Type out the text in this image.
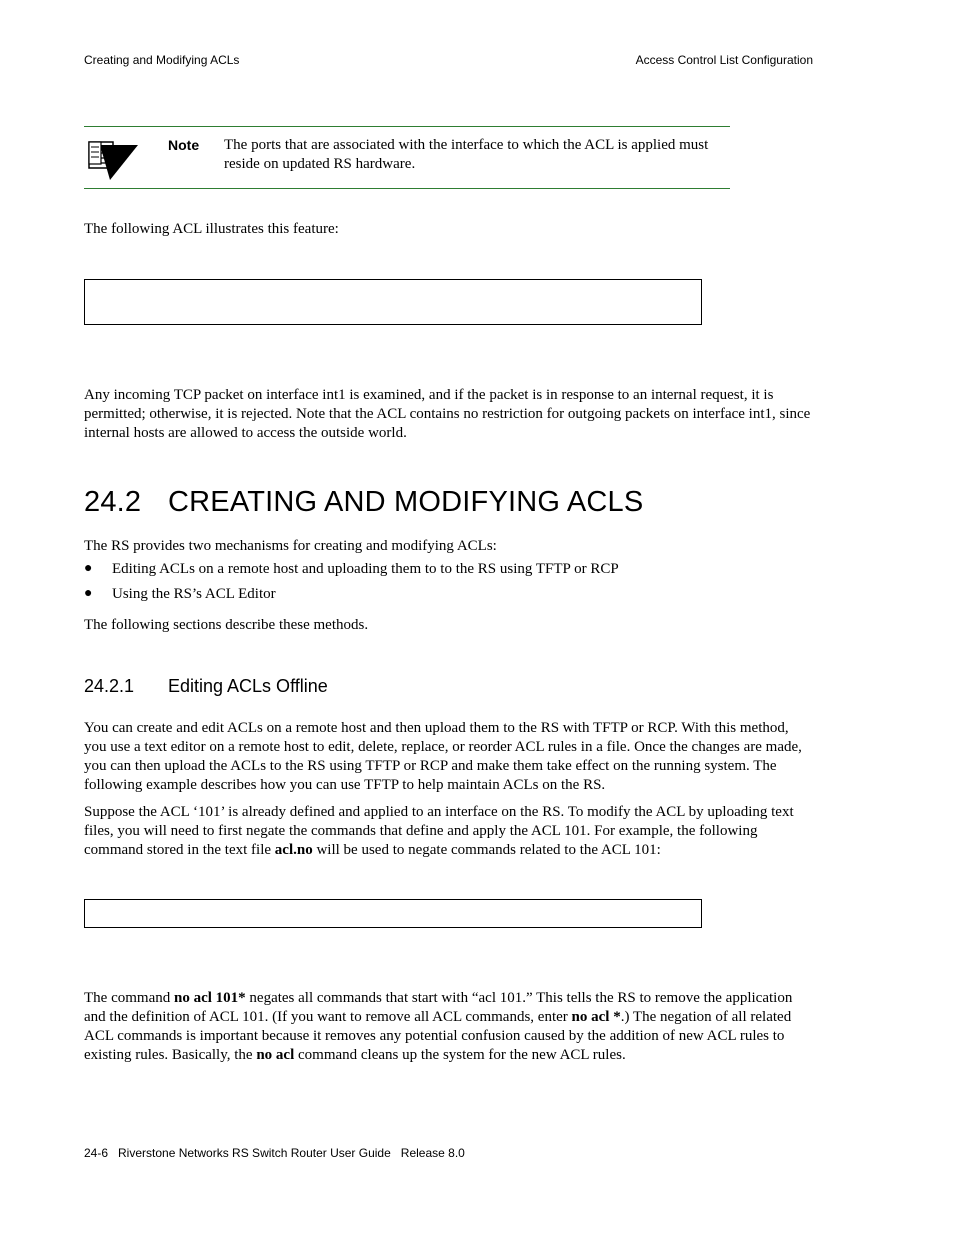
Creating and Modifying ACLs	Access Control List Configuration
Note The ports that are associated with the interface to which the ACL is applied must reside on updated RS hardware.
The following ACL illustrates this feature:
Any incoming TCP packet on interface int1 is examined, and if the packet is in response to an internal request, it is permitted; otherwise, it is rejected. Note that the ACL contains no restriction for outgoing packets on interface int1, since internal hosts are allowed to access the outside world.
24.2 CREATING AND MODIFYING ACLS
The RS provides two mechanisms for creating and modifying ACLs:
● Editing ACLs on a remote host and uploading them to to the RS using TFTP or RCP
● Using the RS’s ACL Editor
The following sections describe these methods.
24.2.1 Editing ACLs Offline
You can create and edit ACLs on a remote host and then upload them to the RS with TFTP or RCP. With this method, you use a text editor on a remote host to edit, delete, replace, or reorder ACL rules in a file. Once the changes are made, you can then upload the ACLs to the RS using TFTP or RCP and make them take effect on the running system. The following example describes how you can use TFTP to help maintain ACLs on the RS.
Suppose the ACL ‘101’ is already defined and applied to an interface on the RS. To modify the ACL by uploading text files, you will need to first negate the commands that define and apply the ACL 101. For example, the following command stored in the text file acl.no will be used to negate commands related to the ACL 101:
The command no acl 101* negates all commands that start with “acl 101.” This tells the RS to remove the application and the definition of ACL 101. (If you want to remove all ACL commands, enter no acl *.) The negation of all related ACL commands is important because it removes any potential confusion caused by the addition of new ACL rules to existing rules. Basically, the no acl command cleans up the system for the new ACL rules.
24-6   Riverstone Networks RS Switch Router User Guide   Release 8.0
